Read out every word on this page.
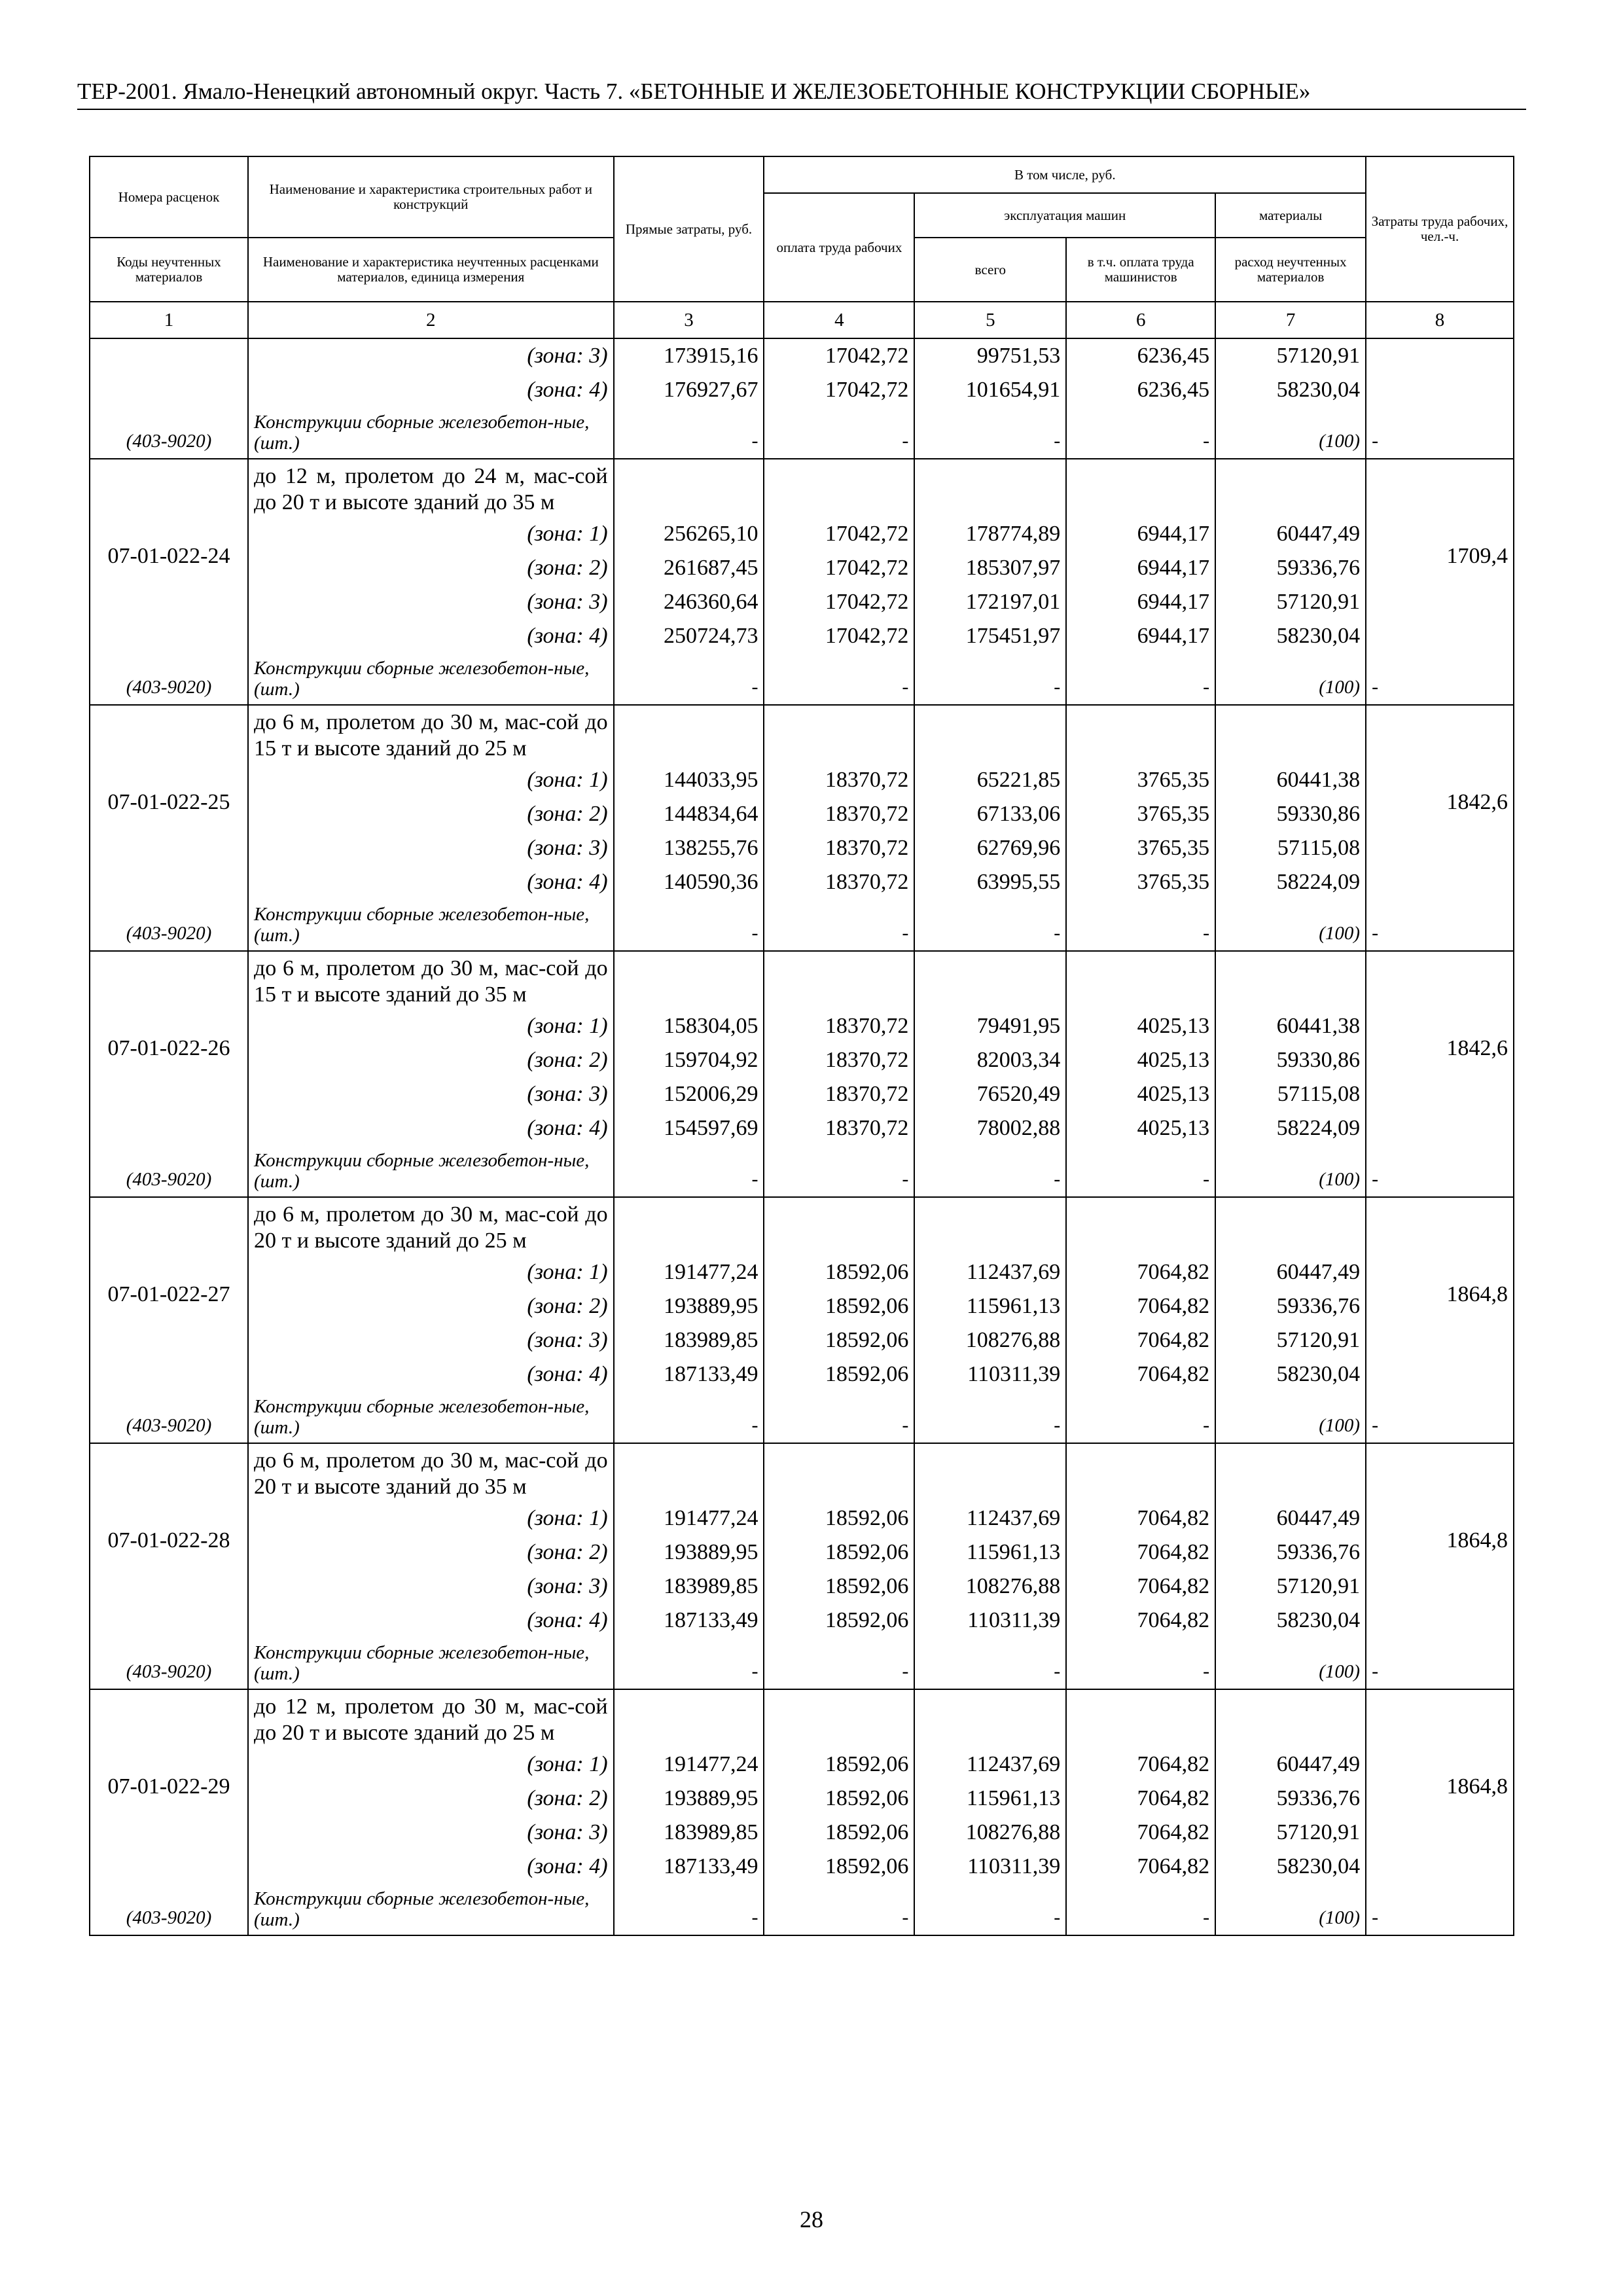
ТЕР-2001. Ямало-Ненецкий автономный округ. Часть 7. «БЕТОННЫЕ И ЖЕЛЕЗОБЕТОННЫЕ КОНСТРУКЦИИ СБОРНЫЕ»
Номера расценок	Наименование и характеристика строительных работ и конструкций	Прямые затраты, руб.	В том числе, руб.				Затраты труда рабочих, чел.-ч.
			оплата труда рабочих	эксплуатация машин		материалы	
Коды неучтенных материалов	Наименование и характеристика неучтенных расценками материалов, единица измерения			всего	в т.ч. оплата труда машинистов	расход неучтенных материалов	
1	2	3	4	5	6	7	8
	(зона: 3)	173915,16	17042,72	99751,53	6236,45	57120,91	
	(зона: 4)	176927,67	17042,72	101654,91	6236,45	58230,04	
(403-9020)	Конструкции сборные железобетон-ные, (шт.)	-	-	-	-	(100)	-
07-01-022-24	до 12 м, пролетом до 24 м, мас-сой до 20 т и высоте зданий до 35 м						1709,4
	(зона: 1)	256265,10	17042,72	178774,89	6944,17	60447,49	
	(зона: 2)	261687,45	17042,72	185307,97	6944,17	59336,76	
	(зона: 3)	246360,64	17042,72	172197,01	6944,17	57120,91	
	(зона: 4)	250724,73	17042,72	175451,97	6944,17	58230,04	
(403-9020)	Конструкции сборные железобетон-ные, (шт.)	-	-	-	-	(100)	-
07-01-022-25	до 6 м, пролетом до 30 м, мас-сой до 15 т и высоте зданий до 25 м						1842,6
	(зона: 1)	144033,95	18370,72	65221,85	3765,35	60441,38	
	(зона: 2)	144834,64	18370,72	67133,06	3765,35	59330,86	
	(зона: 3)	138255,76	18370,72	62769,96	3765,35	57115,08	
	(зона: 4)	140590,36	18370,72	63995,55	3765,35	58224,09	
(403-9020)	Конструкции сборные железобетон-ные, (шт.)	-	-	-	-	(100)	-
07-01-022-26	до 6 м, пролетом до 30 м, мас-сой до 15 т и высоте зданий до 35 м						1842,6
	(зона: 1)	158304,05	18370,72	79491,95	4025,13	60441,38	
	(зона: 2)	159704,92	18370,72	82003,34	4025,13	59330,86	
	(зона: 3)	152006,29	18370,72	76520,49	4025,13	57115,08	
	(зона: 4)	154597,69	18370,72	78002,88	4025,13	58224,09	
(403-9020)	Конструкции сборные железобетон-ные, (шт.)	-	-	-	-	(100)	-
07-01-022-27	до 6 м, пролетом до 30 м, мас-сой до 20 т и высоте зданий до 25 м						1864,8
	(зона: 1)	191477,24	18592,06	112437,69	7064,82	60447,49	
	(зона: 2)	193889,95	18592,06	115961,13	7064,82	59336,76	
	(зона: 3)	183989,85	18592,06	108276,88	7064,82	57120,91	
	(зона: 4)	187133,49	18592,06	110311,39	7064,82	58230,04	
(403-9020)	Конструкции сборные железобетон-ные, (шт.)	-	-	-	-	(100)	-
07-01-022-28	до 6 м, пролетом до 30 м, мас-сой до 20 т и высоте зданий до 35 м						1864,8
	(зона: 1)	191477,24	18592,06	112437,69	7064,82	60447,49	
	(зона: 2)	193889,95	18592,06	115961,13	7064,82	59336,76	
	(зона: 3)	183989,85	18592,06	108276,88	7064,82	57120,91	
	(зона: 4)	187133,49	18592,06	110311,39	7064,82	58230,04	
(403-9020)	Конструкции сборные железобетон-ные, (шт.)	-	-	-	-	(100)	-
07-01-022-29	до 12 м, пролетом до 30 м, мас-сой до 20 т и высоте зданий до 25 м						1864,8
	(зона: 1)	191477,24	18592,06	112437,69	7064,82	60447,49	
	(зона: 2)	193889,95	18592,06	115961,13	7064,82	59336,76	
	(зона: 3)	183989,85	18592,06	108276,88	7064,82	57120,91	
	(зона: 4)	187133,49	18592,06	110311,39	7064,82	58230,04	
(403-9020)	Конструкции сборные железобетон-ные, (шт.)	-	-	-	-	(100)	-
28
